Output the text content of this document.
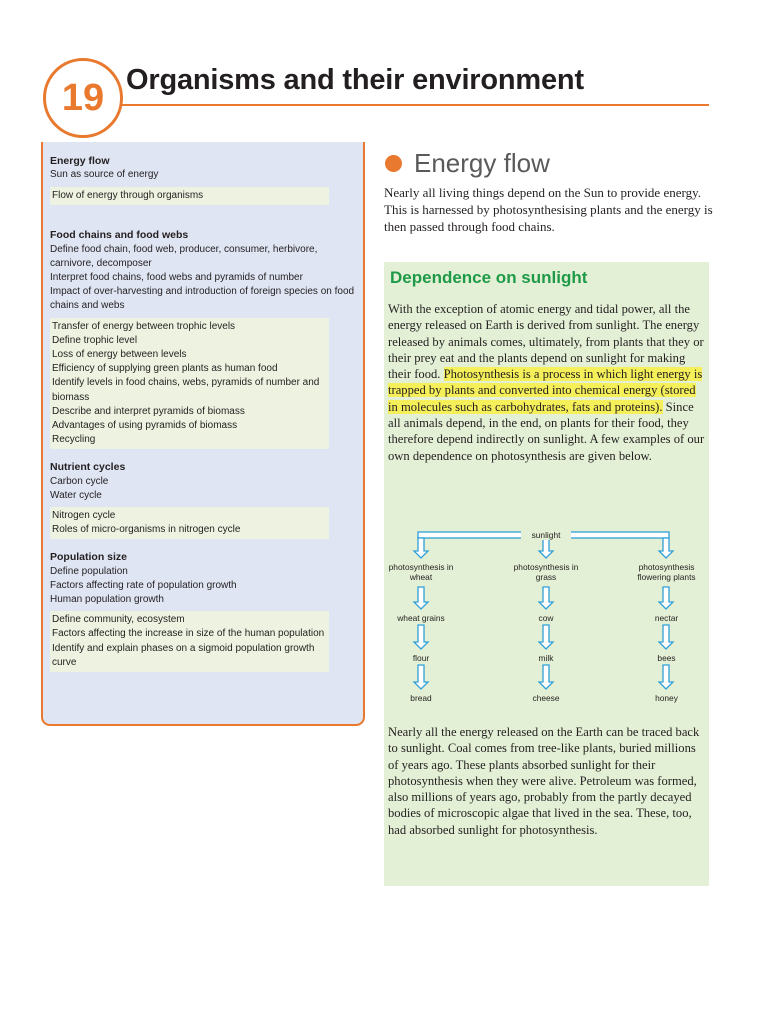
19 Organisms and their environment
Energy flow
Sun as source of energy
Flow of energy through organisms
Food chains and food webs
Define food chain, food web, producer, consumer, herbivore, carnivore, decomposer
Interpret food chains, food webs and pyramids of number
Impact of over-harvesting and introduction of foreign species on food chains and webs
Transfer of energy between trophic levels
Define trophic level
Loss of energy between levels
Efficiency of supplying green plants as human food
Identify levels in food chains, webs, pyramids of number and biomass
Describe and interpret pyramids of biomass
Advantages of using pyramids of biomass
Recycling
Nutrient cycles
Carbon cycle
Water cycle
Nitrogen cycle
Roles of micro-organisms in nitrogen cycle
Population size
Define population
Factors affecting rate of population growth
Human population growth
Define community, ecosystem
Factors affecting the increase in size of the human population
Identify and explain phases on a sigmoid population growth curve
Energy flow

Nearly all living things depend on the Sun to provide energy. This is harnessed by photosynthesising plants and the energy is then passed through food chains.

Dependence on sunlight

With the exception of atomic energy and tidal power, all the energy released on Earth is derived from sunlight. The energy released by animals comes, ultimately, from plants that they or their prey eat and the plants depend on sunlight for making their food. Photosynthesis is a process in which light energy is trapped by plants and converted into chemical energy (stored in molecules such as carbohydrates, fats and proteins). Since all animals depend, in the end, on plants for their food, they therefore depend indirectly on sunlight. A few examples of our own dependence on photosynthesis are given below.

sunlight
photosynthesis in wheat
wheat grains
flour
bread
photosynthesis in grass
cow
milk
cheese
photosynthesis flowering plants
nectar
bees
honey

Nearly all the energy released on the Earth can be traced back to sunlight. Coal comes from tree-like plants, buried millions of years ago. These plants absorbed sunlight for their photosynthesis when they were alive. Petroleum was formed, also millions of years ago, probably from the partly decayed bodies of microscopic algae that lived in the sea. These, too, had absorbed sunlight for photosynthesis.
